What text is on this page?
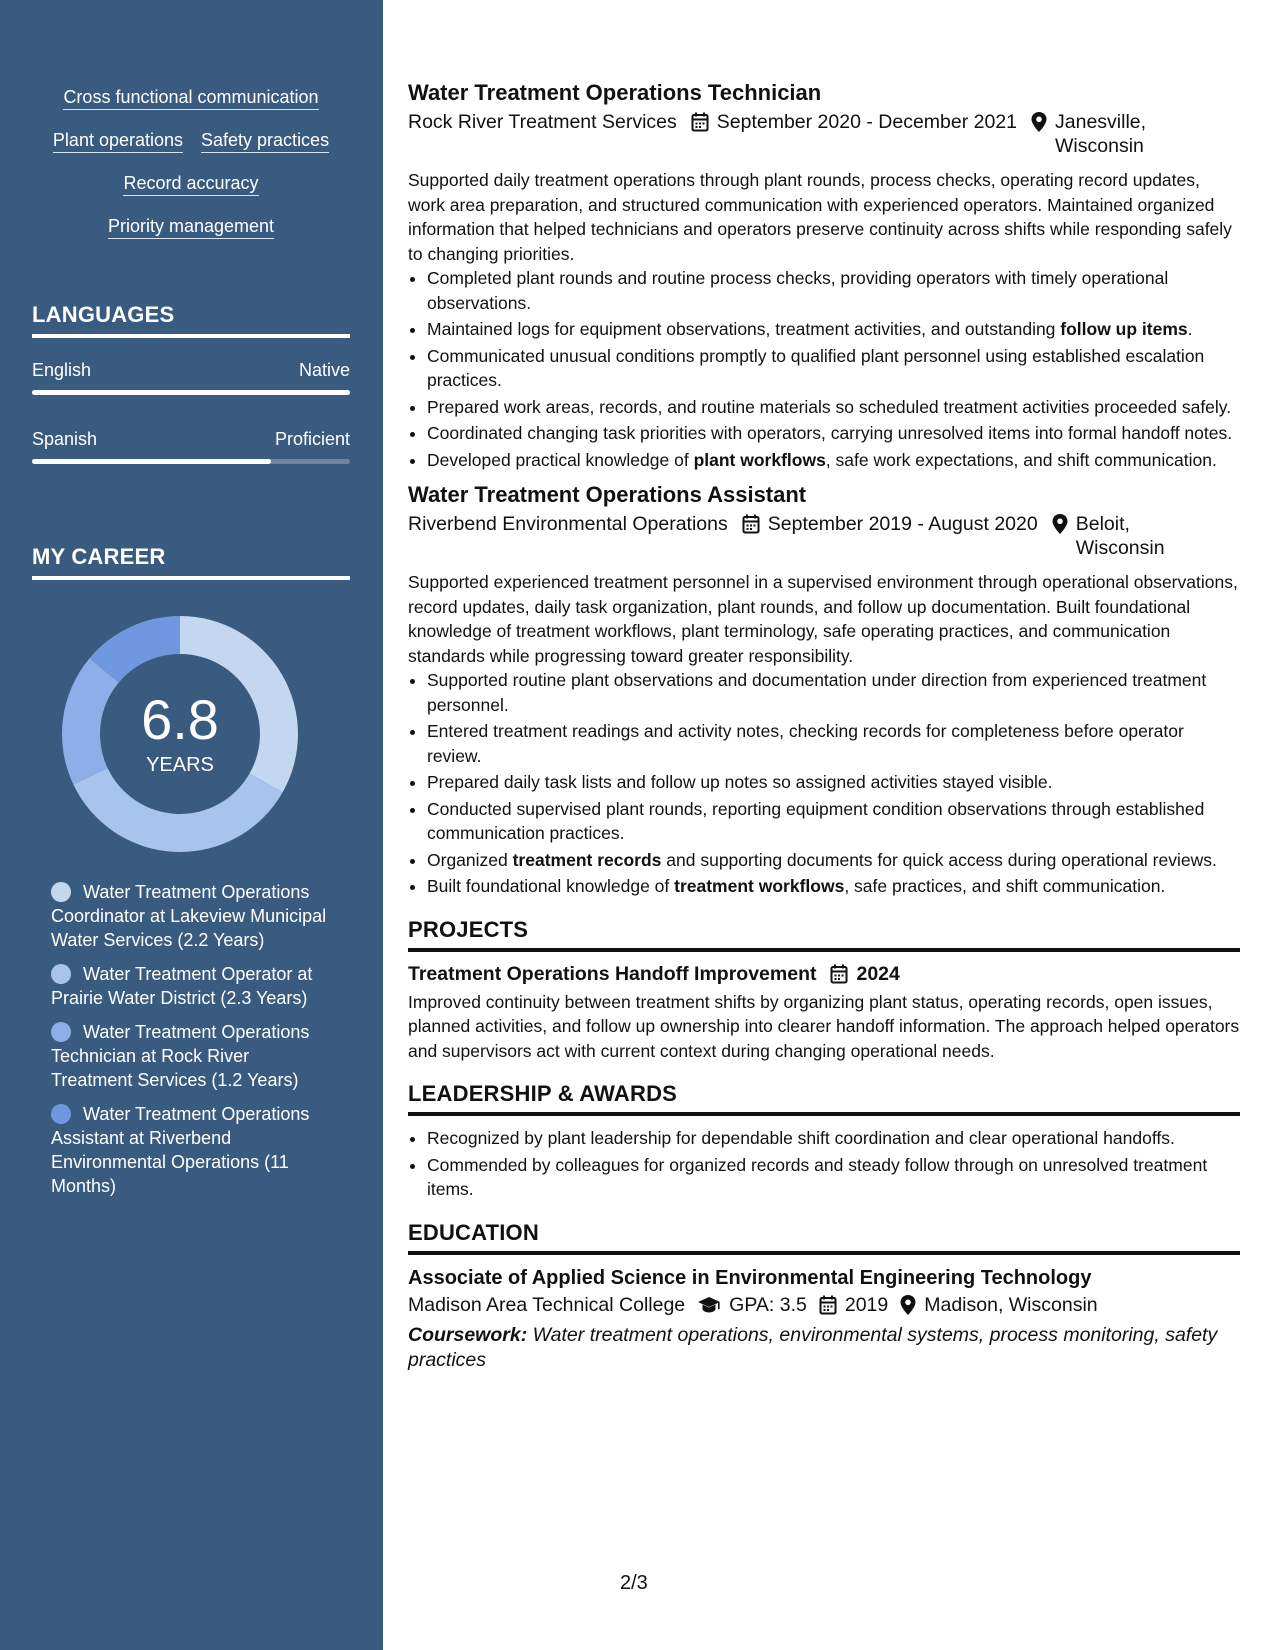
Cross functional communication
Plant operations Safety practices
Record accuracy
Priority management
LANGUAGES
English	Native
Spanish	Proficient
MY CAREER
6.8
YEARS
Water Treatment Operations Coordinator at Lakeview Municipal Water Services (2.2 Years)
Water Treatment Operator at Prairie Water District (2.3 Years)
Water Treatment Operations Technician at Rock River Treatment Services (1.2 Years)
Water Treatment Operations Assistant at Riverbend Environmental Operations (11 Months)
Water Treatment Operations Technician
Rock River Treatment Services September 2020 - December 2021 Janesville,
Wisconsin
Supported daily treatment operations through plant rounds, process checks, operating record updates, work area preparation, and structured communication with experienced operators. Maintained organized information that helped technicians and operators preserve continuity across shifts while responding safely to changing priorities.
• Completed plant rounds and routine process checks, providing operators with timely operational observations.
• Maintained logs for equipment observations, treatment activities, and outstanding follow up items.
• Communicated unusual conditions promptly to qualified plant personnel using established escalation practices.
• Prepared work areas, records, and routine materials so scheduled treatment activities proceeded safely.
• Coordinated changing task priorities with operators, carrying unresolved items into formal handoff notes.
• Developed practical knowledge of plant workflows, safe work expectations, and shift communication.
Water Treatment Operations Assistant
Riverbend Environmental Operations September 2019 - August 2020 Beloit,
Wisconsin
Supported experienced treatment personnel in a supervised environment through operational observations, record updates, daily task organization, plant rounds, and follow up documentation. Built foundational knowledge of treatment workflows, plant terminology, safe operating practices, and communication standards while progressing toward greater responsibility.
• Supported routine plant observations and documentation under direction from experienced treatment personnel.
• Entered treatment readings and activity notes, checking records for completeness before operator review.
• Prepared daily task lists and follow up notes so assigned activities stayed visible.
• Conducted supervised plant rounds, reporting equipment condition observations through established communication practices.
• Organized treatment records and supporting documents for quick access during operational reviews.
• Built foundational knowledge of treatment workflows, safe practices, and shift communication.
PROJECTS
Treatment Operations Handoff Improvement 2024
Improved continuity between treatment shifts by organizing plant status, operating records, open issues, planned activities, and follow up ownership into clearer handoff information. The approach helped operators and supervisors act with current context during changing operational needs.
LEADERSHIP & AWARDS
• Recognized by plant leadership for dependable shift coordination and clear operational handoffs.
• Commended by colleagues for organized records and steady follow through on unresolved treatment items.
EDUCATION
Associate of Applied Science in Environmental Engineering Technology
Madison Area Technical College GPA: 3.5 2019 Madison, Wisconsin
Coursework: Water treatment operations, environmental systems, process monitoring, safety practices
2/3
